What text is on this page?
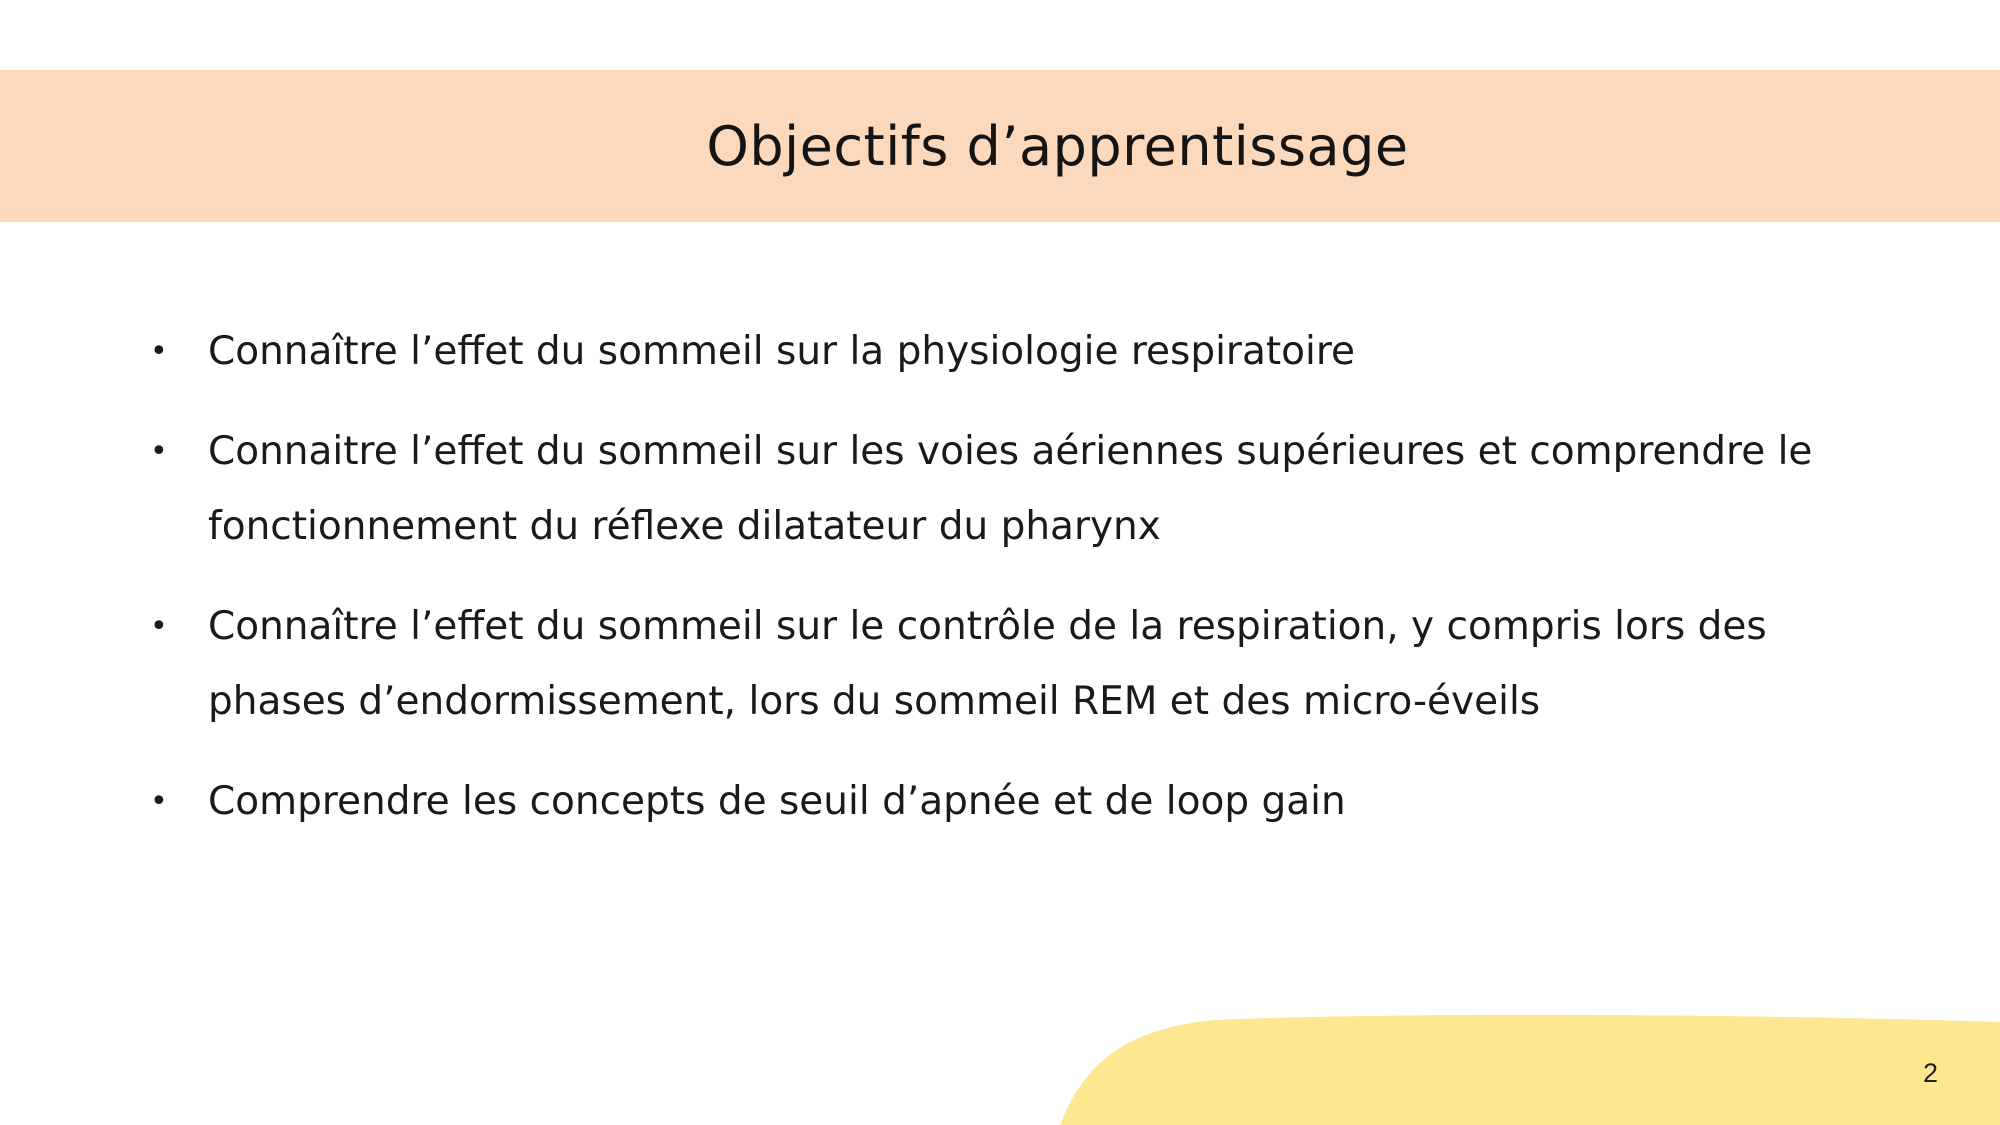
Objectifs d’apprentissage
• Connaître l’effet du sommeil sur la physiologie respiratoire
• Connaitre l’effet du sommeil sur les voies aériennes supérieures et comprendre le fonctionnement du réflexe dilatateur du pharynx
• Connaître l’effet du sommeil sur le contrôle de la respiration, y compris lors des phases d’endormissement, lors du sommeil REM et des micro-éveils
• Comprendre les concepts de seuil d’apnée et de loop gain
2
